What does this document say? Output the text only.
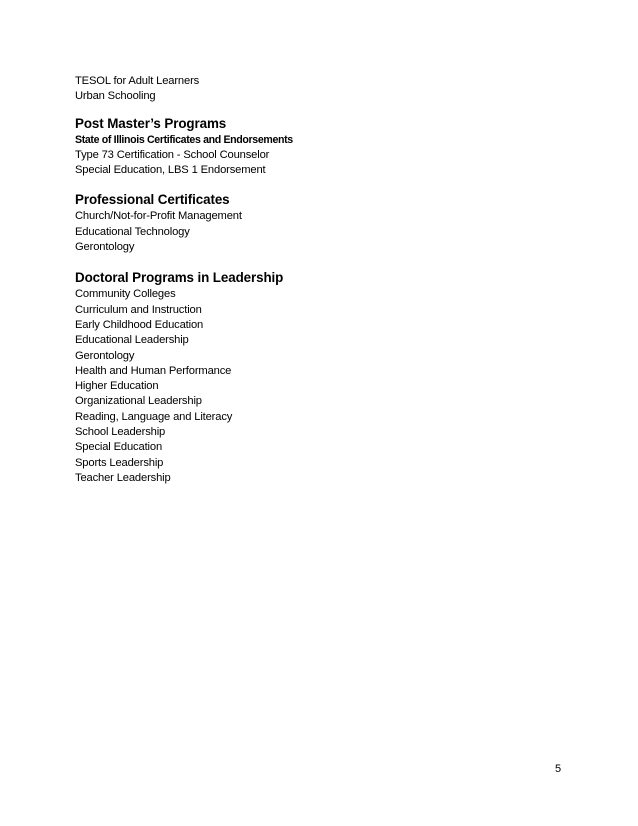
TESOL for Adult Learners
Urban Schooling
Post Master’s Programs
State of Illinois Certificates and Endorsements
Type 73 Certification - School Counselor
Special Education, LBS 1 Endorsement
Professional Certificates
Church/Not-for-Profit Management
Educational Technology
Gerontology
Doctoral Programs in Leadership
Community Colleges
Curriculum and Instruction
Early Childhood Education
Educational Leadership
Gerontology
Health and Human Performance
Higher Education
Organizational Leadership
Reading, Language and Literacy
School Leadership
Special Education
Sports Leadership
Teacher Leadership
5
